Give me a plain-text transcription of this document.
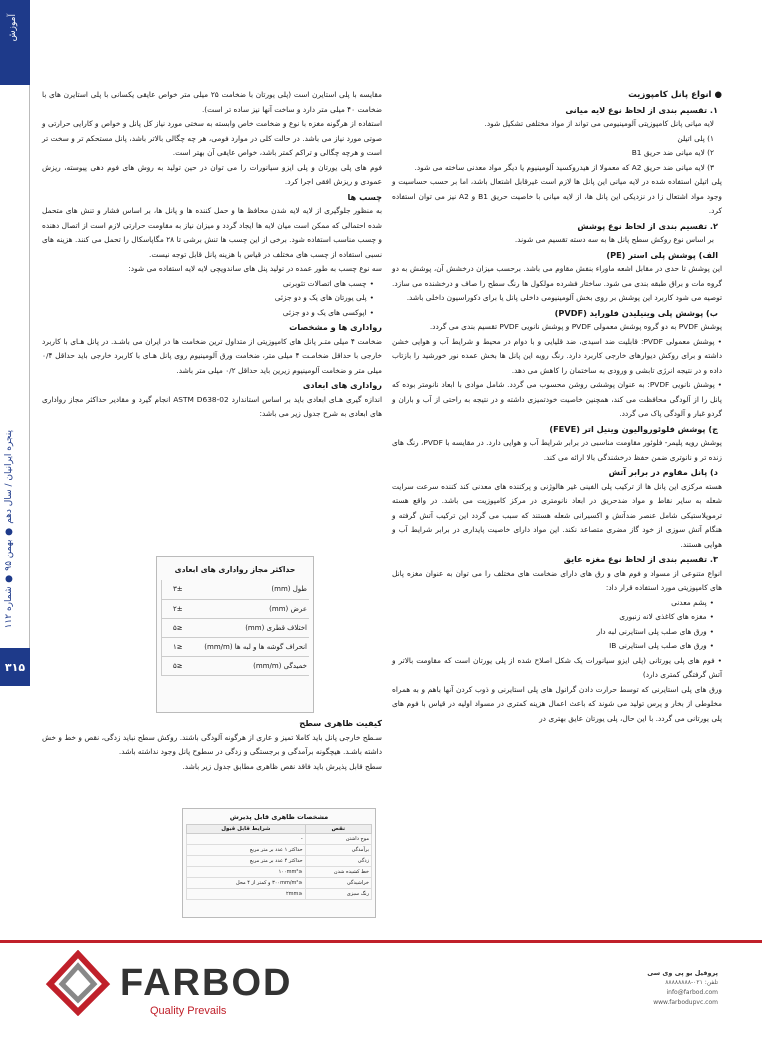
آموزش
پنجره ایرانیان / سال دهم ● بهمن ۹۵ ● شماره ۱۱۲
۳۱۵

● انواع پانل کامپوزیت

۱. تقسیم بندی از لحاظ نوع لایه میانی

لایه میانی پانل کامپوزیتی آلومینیومی می تواند از مواد مختلفی تشکیل شود.

۱) پلی اتیلن

۲) لایه میانی ضد حریق B1

۳) لایه میانی ضد حریق A2 که معمولا از هیدروکسید آلومینیوم یا دیگر مواد معدنی ساخته می شود.

پلی اتیلن استفاده شده در لایه میانی این پانل ها لازم است غیرقابل اشتعال باشد، اما بر حسب حساسیت و وجود مواد اشتعال زا در نزدیکی این پانل ها، از لایه میانی با خاصیت حریق B1 و A2 نیز می توان استفاده کرد.

۲. تقسیم بندی از لحاظ نوع پوشش

بر اساس نوع روکش سطح پانل ها به سه دسته تقسیم می شوند.

الف) پوشش پلی استر (PE)

این پوشش تا حدی در مقابل اشعه ماوراء بنفش مقاوم می باشد. برحسب میزان درخشش آن، پوشش به دو گروه مات و براق طبقه بندی می شود. ساختار فشرده مولکول ها رنگ سطح را صاف و درخشنده می سازد. توصیه می شود کاربرد این پوشش بر روی بخش آلومینیومی داخلی پانل یا برای دکوراسیون داخلی باشد.

ب) پوشش پلی وینیلیدن فلوراید (PVDF)

پوشش PVDF به دو گروه پوشش معمولی PVDF و پوشش نانویی PVDF تقسیم بندی می گردد.

• پوشش معمولی PVDF: قابلیت ضد اسیدی، ضد قلیایی و با دوام در محیط و شرایط آب و هوایی خشن داشته و برای روکش دیوارهای خارجی کاربرد دارد. رنگ رویه این پانل ها بخش عمده نور خورشید را بازتاب داده و در نتیجه انرژی تابشی و ورودی به ساختمان را کاهش می دهد.

• پوشش نانویی PVDF: به عنوان پوششی روشن محسوب می گردد. شامل موادی با ابعاد نانومتر بوده که پانل را از آلودگی محافظت می کند، همچنین خاصیت خودتمیزی داشته و در نتیجه به راحتی از آب و باران و گردو غبار و آلودگی پاک می گردد.

ج) پوشش فلوئوروالیون وینیل اتر (FEVE)

پوشش رویه پلیمر- فلوئور مقاومت مناسبی در برابر شرایط آب و هوایی دارد. در مقایسه با PVDF، رنگ های زنده تر و نانوتری ضمن حفظ درخشندگی بالا ارائه می کند.

د) پانل مقاوم در برابر آتش

هسته مرکزی این پانل ها از ترکیب پلی الفینی غیر هالوژنی و پرکننده های معدنی کند کننده سرعت سرایت شعله به سایر نقاط و مواد ضدحریق در ابعاد نانومتری در مرکز کامپوزیت می باشد. در واقع هسته ترموپلاستیکی شامل عنصر ضدآتش و اکسیرانی شعله هستند که سبب می گردد این ترکیب آتش گرفته و هنگام آتش سوزی از خود گاز مضری متصاعد نکند. این مواد دارای خاصیت پایداری در برابر شرایط آب و هوایی هستند.

۳. تقسیم بندی از لحاظ نوع مغزه عایق

انواع متنوعی از مسواد و فوم های و رق های دارای ضخامت های مختلف را می توان به عنوان مغزه پانل های کامپوزیتی مورد استفاده قرار داد:

• پشم معدنی

• مغزه های کاغذی لانه زنبوری

• ورق های صلب پلی استایرنی لبه دار

• ورق های صلب پلی استایرنی IB

• فوم های پلی یورتانی (پلی ایزو سیانورات یک شکل اصلاح شده از پلی یورتان است که مقاومت بالاتر و آتش گرفتگی کمتری دارد)

ورق های پلی استایرنی که توسط حرارت دادن گرانول های پلی استایرنی و ذوب کردن آنها باهم و به همراه مخلوطی از بخار و پرس تولید می شوند که باعث اعمال هزینه کمتری در مسواد اولیه در قیاس با فوم های پلی یورتانی می گردد. با این حال، پلی یورتان عایق بهتری در

مقایسه با پلی استایرن است (پلی یورتان با ضخامت ۲۵ میلی متر خواص عایقی یکسانی با پلی استایرن های با ضخامت ۴۰ میلی متر دارد و ساخت آنها نیز ساده تر است).

استفاده از هرگونه مغزه با نوع و ضخامت خاص وابسته به سختی مورد نیاز کل پانل و خواص و کارایی حرارتی و صوتی مورد نیاز می باشد. در حالت کلی در موارد فومی، هر چه چگالی بالاتر باشد، پانل مستحکم تر و سخت تر است و هرچه چگالی و تراکم کمتر باشد، خواص عایقی آن بهتر است.

فوم های پلی یورتان و پلی ایزو سیانورات را می توان در حین تولید به روش های فوم دهی پیوسته، ریزش عمودی و ریزش افقی اجرا کرد.

چسب ها

به منظور جلوگیری از لایه لایه شدن محافظ ها و حمل کننده ها و پانل ها، بر اساس فشار و تنش های متحمل شده احتمالی که ممکن است میان لایه ها ایجاد گردد و میزان نیاز به مقاومت حرارتی لازم است از اتصال دهنده و چسب مناسب استفاده شود. برخی از این چسب ها تنش برشی تا ۲۸ مگاپاسکال را تحمل می کنند. هزینه های نسبی استفاده از چسب های مختلف در قیاس با هزینه پانل قابل توجه نیست.

سه نوع چسب به طور عمده در تولید پنل های ساندویچی لایه لایه استفاده می شود:

• چسب های اتصالات تئوبرنی

• پلی یورتان های یک و دو جزئی

• اپوکسی های یک و دو جزئی

رواداری ها و مشخصات

ضخامت ۴ میلی متـر پانل های کامپوزیتی از متداول ترین ضخامت ها در ایران می باشـد. در پانل هـای با کاربرد خارجی با حداقل ضخامـت ۴ میلی متر، ضخامت ورق آلومینیوم روی پانل هـای با کاربرد خارجی باید حداقل ۰/۴ میلی متر و ضخامت آلومینیوم زیرین باید حداقل ۰/۲ میلی متر باشد.

رواداری های ابعادی

اندازه گیری هـای ابعادی باید بر اساس استاندارد ASTM D638-02 انجام گیرد و مقادیر حداکثر مجاز رواداری های ابعادی به شرح جدول زیر می باشد:

حداکثر مجاز رواداری های ابعادی
طول (mm)	۳±
عرض (mm)	۲±
اختلاف قطری (mm)	۵≥
انحراف گوشه ها و لبه ها (mm/m)	۱≥
خمیدگی (mm/m)	۵≥

کیفیت ظاهری سطح

سـطح خارجی پانل باید کاملا تمیز و عاری از هرگونه آلودگی باشند. روکش سطح نباید زدگی، نقص و خط و خش داشته باشـد. هیچگونه برآمدگی و برجستگی و زدگی در سطوح پانل وجود نداشته باشد.

سطح قابل پذیرش باید فاقد نقص ظاهری مطابق جدول زیر باشد.

مشخصات ظاهری قابل پذیرش
نقص	شرایط قابل قبول
موج داشتن	-
برآمدگی	حداکثر ۱ عدد بر متر مربع
زدگی	حداکثر ۴ عدد بر متر مربع
خط کشیده شدن	≤۱۰۰mm²
خراشیدگی	≤۳۰۰mm/m² و کمتر از ۴ محل
رنگ سبزی	≤۲mm
FARBOD
Quality Prevails
پروفیل یو پی وی سی
تلفن: ۰۲۱-۸۸۸۸۸۸۸۸
info@farbod.com
www.farbodupvc.com
